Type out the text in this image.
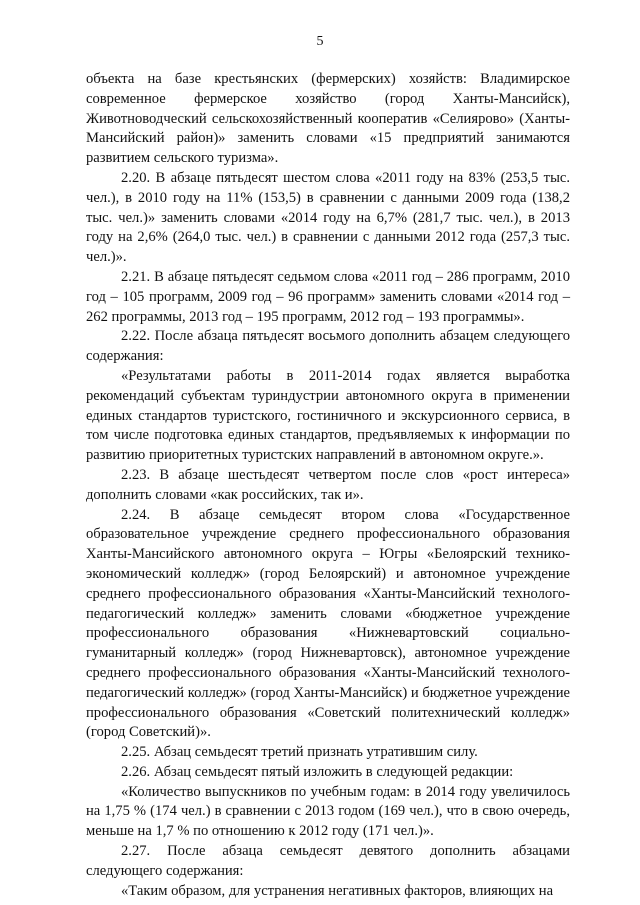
5

объекта на базе крестьянских (фермерских) хозяйств: Владимирское современное фермерское хозяйство (город Ханты-Мансийск), Животноводческий сельскохозяйственный кооператив «Селиярово» (Ханты-Мансийский район)» заменить словами «15 предприятий занимаются развитием сельского туризма».

2.20. В абзаце пятьдесят шестом слова «2011 году на 83% (253,5 тыс. чел.), в 2010 году на 11% (153,5) в сравнении с данными 2009 года (138,2 тыс. чел.)» заменить словами «2014 году на 6,7% (281,7 тыс. чел.), в 2013 году на 2,6% (264,0 тыс. чел.) в сравнении с данными 2012 года (257,3 тыс. чел.)».

2.21. В абзаце пятьдесят седьмом слова «2011 год – 286 программ, 2010 год – 105 программ, 2009 год – 96 программ» заменить словами «2014 год – 262 программы, 2013 год – 195 программ, 2012 год – 193 программы».

2.22. После абзаца пятьдесят восьмого дополнить абзацем следующего содержания:

«Результатами работы в 2011-2014 годах является выработка рекомендаций субъектам туриндустрии автономного округа в применении единых стандартов туристского, гостиничного и экскурсионного сервиса, в том числе подготовка единых стандартов, предъявляемых к информации по развитию приоритетных туристских направлений в автономном округе.».

2.23. В абзаце шестьдесят четвертом после слов «рост интереса» дополнить словами «как российских, так и».

2.24. В абзаце семьдесят втором слова «Государственное образовательное учреждение среднего профессионального образования Ханты-Мансийского автономного округа – Югры «Белоярский технико-экономический колледж» (город Белоярский) и автономное учреждение среднего профессионального образования «Ханты-Мансийский технолого-педагогический колледж» заменить словами «бюджетное учреждение профессионального образования «Нижневартовский социально-гуманитарный колледж» (город Нижневартовск), автономное учреждение среднего профессионального образования «Ханты-Мансийский технолого-педагогический колледж» (город Ханты-Мансийск) и бюджетное учреждение профессионального образования «Советский политехнический колледж» (город Советский)».

2.25. Абзац семьдесят третий признать утратившим силу.

2.26. Абзац семьдесят пятый изложить в следующей редакции:

«Количество выпускников по учебным годам: в 2014 году увеличилось на 1,75 % (174 чел.) в сравнении с 2013 годом (169 чел.), что в свою очередь, меньше на 1,7 % по отношению к 2012 году (171 чел.)».

2.27. После абзаца семьдесят девятого дополнить абзацами следующего содержания:

«Таким образом, для устранения негативных факторов, влияющих на
